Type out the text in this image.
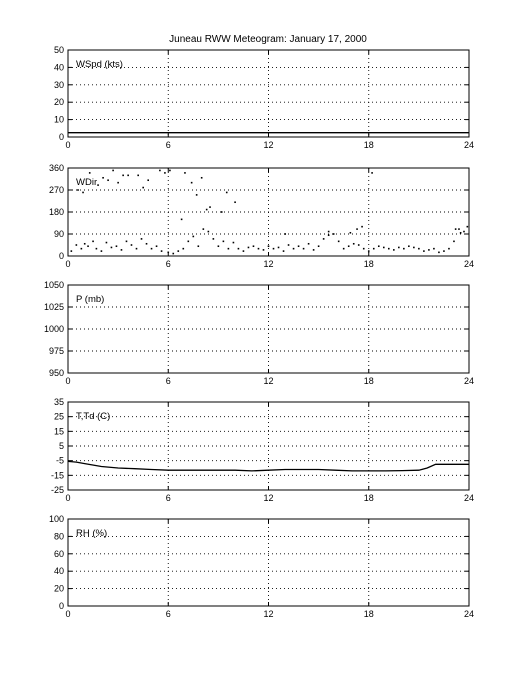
Juneau RWW Meteogram: January 17, 2000
0	6	12	18	24
0
10
20
30
40
50
WSpd (kts)
0	6	12	18	24
0
90
180
270
360
WDir
0	6	12	18	24
950
975
1000
1025
1050
P (mb)
0	6	12	18	24
-25
-15
-5
5
15
25
35
T,Td (C)
0	6	12	18	24
0
20
40
60
80
100
RH (%)
